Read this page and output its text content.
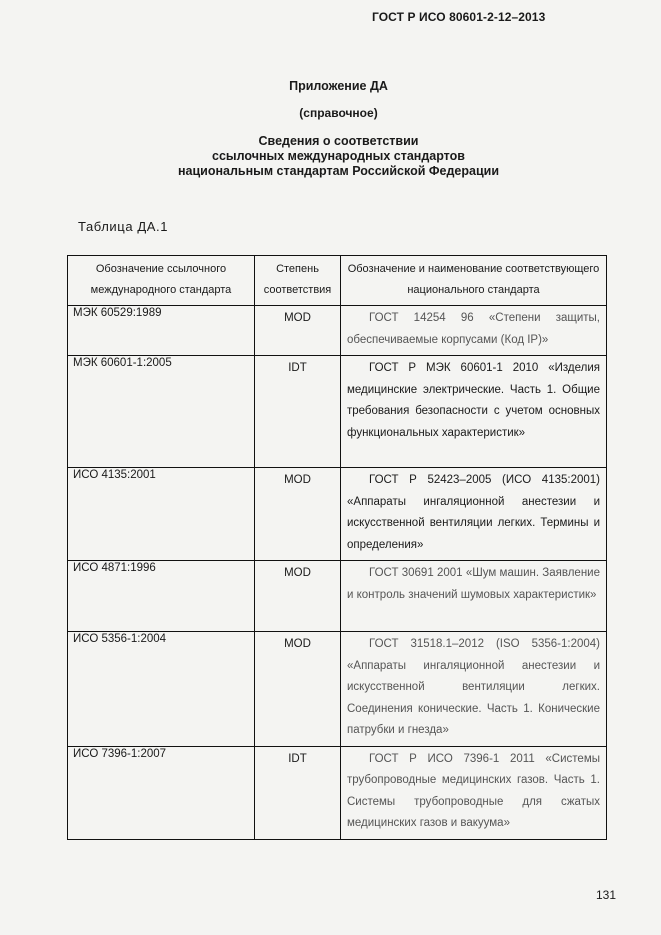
ГОСТ Р ИСО 80601-2-12–2013
Приложение ДА
(справочное)
Сведения о соответствии
ссылочных международных стандартов
национальным стандартам Российской Федерации
Таблица ДА.1
Обозначение ссылочного международного стандарта	Степень соответствия	Обозначение и наименование соответствующего национального стандарта
МЭК 60529:1989	MOD	ГОСТ 14254 96 «Степени защиты, обеспечиваемые корпусами (Код IP)»
МЭК 60601-1:2005	IDT	ГОСТ Р МЭК 60601-1 2010 «Изделия медицинские электрические. Часть 1. Общие требования безопасности с учетом основных функциональных характеристик»
ИСО 4135:2001	MOD	ГОСТ Р 52423–2005 (ИСО 4135:2001) «Аппараты ингаляционной анестезии и искусственной вентиляции легких. Термины и определения»
ИСО 4871:1996	MOD	ГОСТ 30691 2001 «Шум машин. Заявление и контроль значений шумовых характеристик»
ИСО 5356-1:2004	MOD	ГОСТ 31518.1–2012 (ISO 5356-1:2004) «Аппараты ингаляционной анестезии и искусственной вентиляции легких. Соединения конические. Часть 1. Конические патрубки и гнезда»
ИСО 7396-1:2007	IDT	ГОСТ Р ИСО 7396-1 2011 «Системы трубопроводные медицинских газов. Часть 1. Системы трубопроводные для сжатых медицинских газов и вакуума»
131
